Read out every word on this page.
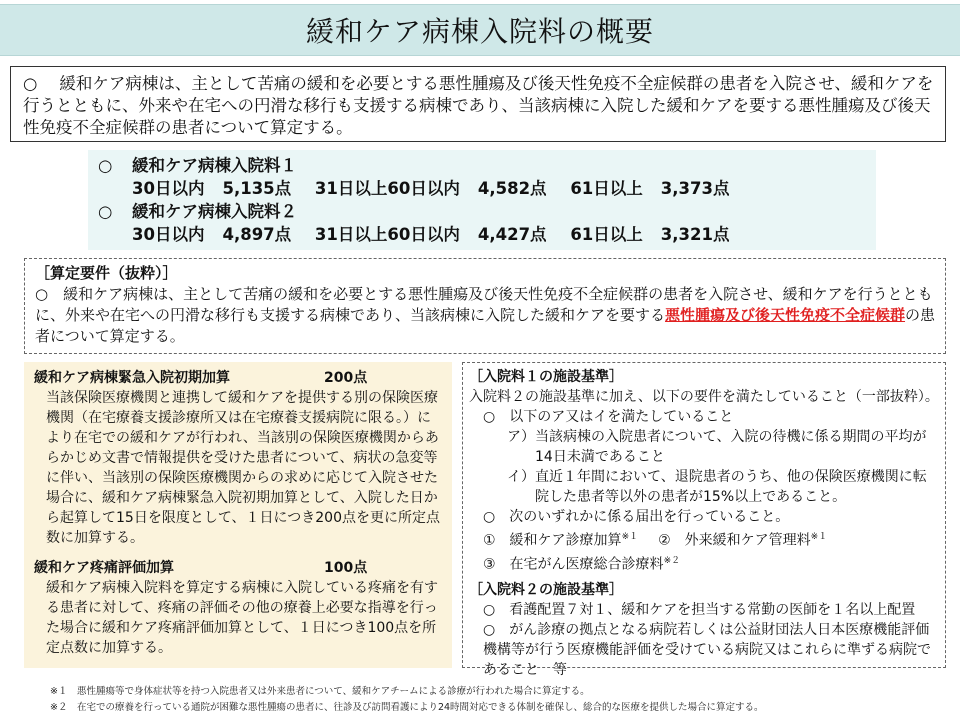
緩和ケア病棟入院料の概要
○ 緩和ケア病棟は、主として苦痛の緩和を必要とする悪性腫瘍及び後天性免疫不全症候群の患者を入院させ、緩和ケアを行うとともに、外来や在宅への円滑な移行も支援する病棟であり、当該病棟に入院した緩和ケアを要する悪性腫瘍及び後天性免疫不全症候群の患者について算定する。
○ 緩和ケア病棟入院料１
30日以内 5,135点 31日以上60日以内 4,582点 61日以上 3,373点
○ 緩和ケア病棟入院料２
30日以内 4,897点 31日以上60日以内 4,427点 61日以上 3,321点
［算定要件（抜粋）］
○　 緩和ケア病棟は、主として苦痛の緩和を必要とする悪性腫瘍及び後天性免疫不全症候群の患者を入院させ、緩和ケアを行うとともに、外来や在宅への円滑な移行も支援する病棟であり、当該病棟に入院した緩和ケアを要する悪性腫瘍及び後天性免疫不全症候群の患者について算定する。
緩和ケア病棟緊急入院初期加算	200点
当該保険医療機関と連携して緩和ケアを提供する別の保険医療機関（在宅療養支援診療所又は在宅療養支援病院に限る。）により在宅での緩和ケアが行われ、当該別の保険医療機関からあらかじめ文書で情報提供を受けた患者について、病状の急変等に伴い、当該別の保険医療機関からの求めに応じて入院させた場合に、緩和ケア病棟緊急入院初期加算として、入院した日から起算して15日を限度として、１日につき200点を更に所定点数に加算する。
緩和ケア疼痛評価加算	100点
緩和ケア病棟入院料を算定する病棟に入院している疼痛を有する患者に対して、疼痛の評価その他の療養上必要な指導を行った場合に緩和ケア疼痛評価加算として、１日につき100点を所定点数に加算する。
［入院料１の施設基準］
入院料２の施設基準に加え、以下の要件を満たしていること（一部抜粋）。
○　以下のア又はイを満たしていること
ア） 当該病棟の入院患者について、入院の待機に係る期間の平均が14日未満であること
イ） 直近１年間において、退院患者のうち、他の保険医療機関に転院した患者等以外の患者が15%以上であること。
○　次のいずれかに係る届出を行っていること。
①　緩和ケア診療加算$^{※1}$ ②　外来緩和ケア管理料$^{※1}$
③　在宅がん医療総合診療料$^{※2}$
［入院料２の施設基準］
○　看護配置７対１、緩和ケアを担当する常勤の医師を１名以上配置
○　がん診療の拠点となる病院若しくは公益財団法人日本医療機能評価機構等が行う医療機能評価を受けている病院又はこれらに準ずる病院であること　等
※１　悪性腫瘍等で身体症状等を持つ入院患者又は外来患者について、緩和ケアチームによる診療が行われた場合に算定する。
※２　在宅での療養を行っている通院が困難な悪性腫瘍の患者に、往診及び訪問看護により24時間対応できる体制を確保し、総合的な医療を提供した場合に算定する。
